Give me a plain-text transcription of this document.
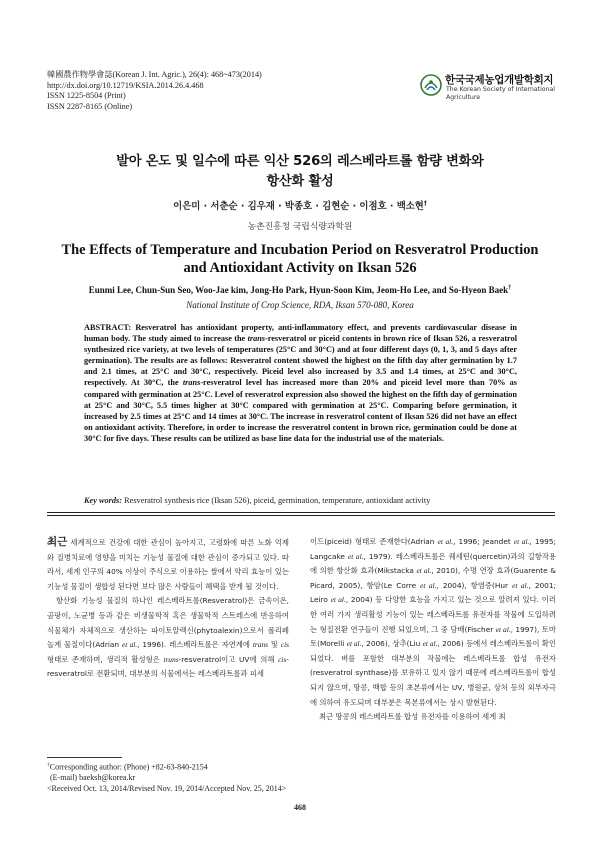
韓國農作物學會誌(Korean J. Int. Agric.), 26(4): 468~473(2014)
http://dx.doi.org/10.12719/KSIA.2014.26.4.468
ISSN 1225-8504 (Print)
ISSN 2287-8165 (Online)
한국국제농업개발학회지
The Korean Society of International Agriculture
발아 온도 및 일수에 따른 익산 526의 레스베라트롤 함량 변화와
항산화 활성
이은미 · 서춘순 · 김우재 · 박종호 · 김현순 · 이점호 · 백소현†
농촌진흥청 국립식량과학원
The Effects of Temperature and Incubation Period on Resveratrol Production
and Antioxidant Activity on Iksan 526
Eunmi Lee, Chun-Sun Seo, Woo-Jae kim, Jong-Ho Park, Hyun-Soon Kim, Jeom-Ho Lee, and So-Hyeon Baek†
National Institute of Crop Science, RDA, Iksan 570-080, Korea
ABSTRACT: Resveratrol has antioxidant property, anti-inflammatory effect, and prevents cardiovascular disease in human body. The study aimed to increase the trans-resveratrol or piceid contents in brown rice of Iksan 526, a resveratrol synthesized rice variety, at two levels of temperatures (25°C and 30°C) and at four different days (0, 1, 3, and 5 days after germination). The results are as follows: Resveratrol content showed the highest on the fifth day after germination by 1.7 and 2.1 times, at 25°C and 30°C, respectively. Piceid level also increased by 3.5 and 1.4 times, at 25°C and 30°C, respectively. At 30°C, the trans-resveratrol level has increased more than 20% and piceid level more than 70% as compared with germination at 25°C. Level of resveratrol expression also showed the highest on the fifth day of germination at 25°C and 30°C, 5.5 times higher at 30°C compared with germination at 25°C. Comparing before germination, it increased by 2.5 times at 25°C and 14 times at 30°C. The increase in resveratrol content of Iksan 526 did not have an effect on antioxidant activity. Therefore, in order to increase the resveratrol content in brown rice, germination could be done at 30°C for five days. These results can be utilized as base line data for the industrial use of the materials.
Key words: Resveratrol synthesis rice (Iksan 526), piceid, germination, temperature, antioxidant activity

최근 세계적으로 건강에 대한 관심이 높아지고, 고령화에 따른 노화 억제와 질병치료에 영향을 미치는 기능성 물질에 대한 관심이 증가되고 있다. 따라서, 세계 인구의 40% 이상이 주식으로 이용하는 쌀에서 약리 효능이 있는 기능성 물질이 생합성 된다면 보다 많은 사람들이 혜택을 받게 될 것이다.

항산화 기능성 물질의 하나인 레스베라트롤(Resveratrol)은 금속이온, 곰팡이, 노균병 등과 같은 비생물학적 혹은 생물학적 스트레스에 반응하여 식물체가 자체적으로 생산하는 파이토알렉신(phytoalexin)으로서 폴리페놀계 물질이다(Adrian et al., 1996). 레스베라트롤은 자연계에 trans 및 cis 형태로 존재하며, 생리적 활성형은 trans-resveratrol이고 UV에 의해 cis-resveratrol로 전환되며, 대부분의 식물에서는 레스베라트롤과 피세

이드(piceid) 형태로 존재한다(Adrian et al., 1996; Jeandet et al., 1995; Langcake et al., 1979). 레스베라트롤은 퀘세틴(quercetin)과의 길항작용에 의한 항산화 효과(Mikstacka et al., 2010), 수명 연장 효과(Guarente & Picard, 2005), 항암(Le Corre et al., 2004), 항염증(Hur et al., 2001; Leiro et al., 2004) 등 다양한 효능을 가지고 있는 것으로 알려져 있다. 이러한 여러 가지 생리활성 기능이 있는 레스베라트롤 유전자를 작물에 도입하려는 형질전환 연구들이 진행 되었으며, 그 중 담배(Fischer et al., 1997), 토마토(Morelli et al., 2006), 상추(Liu et al., 2006) 등에서 레스베라트롤이 확인 되었다. 벼를 포함한 대부분의 작물에는 레스베라트롤 합성 유전자(resveratrol synthase)를 보유하고 있지 않기 때문에 레스베라트롤이 합성되지 않으며, 땅콩, 백합 등의 초본류에서는 UV, 병원균, 상처 등의 외부자극에 의하여 유도되며 대부분은 목본류에서는 상시 발현된다.

최근 땅콩의 레스베라트롤 합성 유전자를 이용하여 세계 최

†Corresponding author: (Phone) +82-63-840-2154
(E-mail) baeksh@korea.kr
<Received Oct. 13, 2014/Revised Nov. 19, 2014/Accepted Nov. 25, 2014>
468
